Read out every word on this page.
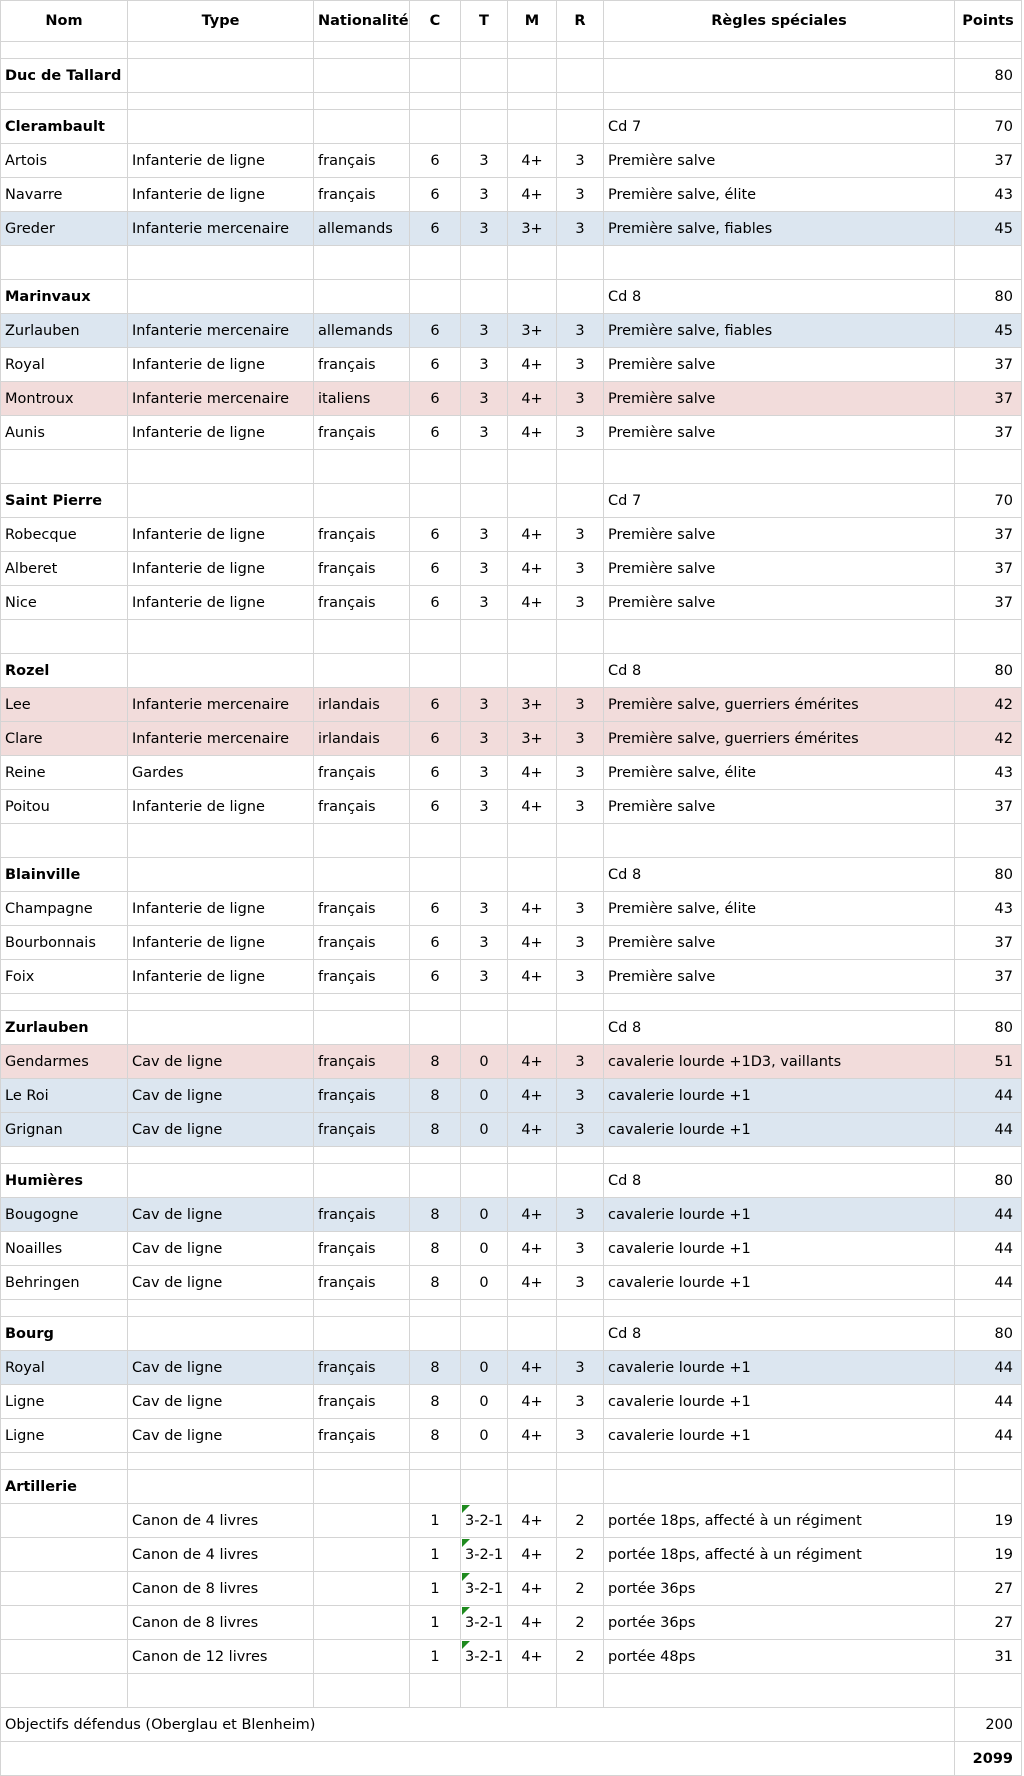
Nom	Type	Nationalité	C	T	M	R	Règles spéciales	Points

Duc de Tallard								80

Clerambault							Cd 7	70
Artois	Infanterie de ligne	français	6	3	4+	3	Première salve	37
Navarre	Infanterie de ligne	français	6	3	4+	3	Première salve, élite	43
Greder	Infanterie mercenaire	allemands	6	3	3+	3	Première salve, fiables	45

Marinvaux							Cd 8	80
Zurlauben	Infanterie mercenaire	allemands	6	3	3+	3	Première salve, fiables	45
Royal	Infanterie de ligne	français	6	3	4+	3	Première salve	37
Montroux	Infanterie mercenaire	italiens	6	3	4+	3	Première salve	37
Aunis	Infanterie de ligne	français	6	3	4+	3	Première salve	37

Saint Pierre							Cd 7	70
Robecque	Infanterie de ligne	français	6	3	4+	3	Première salve	37
Alberet	Infanterie de ligne	français	6	3	4+	3	Première salve	37
Nice	Infanterie de ligne	français	6	3	4+	3	Première salve	37

Rozel							Cd 8	80
Lee	Infanterie mercenaire	irlandais	6	3	3+	3	Première salve, guerriers émérites	42
Clare	Infanterie mercenaire	irlandais	6	3	3+	3	Première salve, guerriers émérites	42
Reine	Gardes	français	6	3	4+	3	Première salve, élite	43
Poitou	Infanterie de ligne	français	6	3	4+	3	Première salve	37

Blainville							Cd 8	80
Champagne	Infanterie de ligne	français	6	3	4+	3	Première salve, élite	43
Bourbonnais	Infanterie de ligne	français	6	3	4+	3	Première salve	37
Foix	Infanterie de ligne	français	6	3	4+	3	Première salve	37

Zurlauben							Cd 8	80
Gendarmes	Cav de ligne	français	8	0	4+	3	cavalerie lourde +1D3, vaillants	51
Le Roi	Cav de ligne	français	8	0	4+	3	cavalerie lourde +1	44
Grignan	Cav de ligne	français	8	0	4+	3	cavalerie lourde +1	44

Humières							Cd 8	80
Bougogne	Cav de ligne	français	8	0	4+	3	cavalerie lourde +1	44
Noailles	Cav de ligne	français	8	0	4+	3	cavalerie lourde +1	44
Behringen	Cav de ligne	français	8	0	4+	3	cavalerie lourde +1	44

Bourg							Cd 8	80
Royal	Cav de ligne	français	8	0	4+	3	cavalerie lourde +1	44
Ligne	Cav de ligne	français	8	0	4+	3	cavalerie lourde +1	44
Ligne	Cav de ligne	français	8	0	4+	3	cavalerie lourde +1	44

Artillerie								
	Canon de 4 livres		1	3-2-1	4+	2	portée 18ps, affecté à un régiment	19
	Canon de 4 livres		1	3-2-1	4+	2	portée 18ps, affecté à un régiment	19
	Canon de 8 livres		1	3-2-1	4+	2	portée 36ps	27
	Canon de 8 livres		1	3-2-1	4+	2	portée 36ps	27
	Canon de 12 livres		1	3-2-1	4+	2	portée 48ps	31

Objectifs défendus (Oberglau et Blenheim)								200
								2099
